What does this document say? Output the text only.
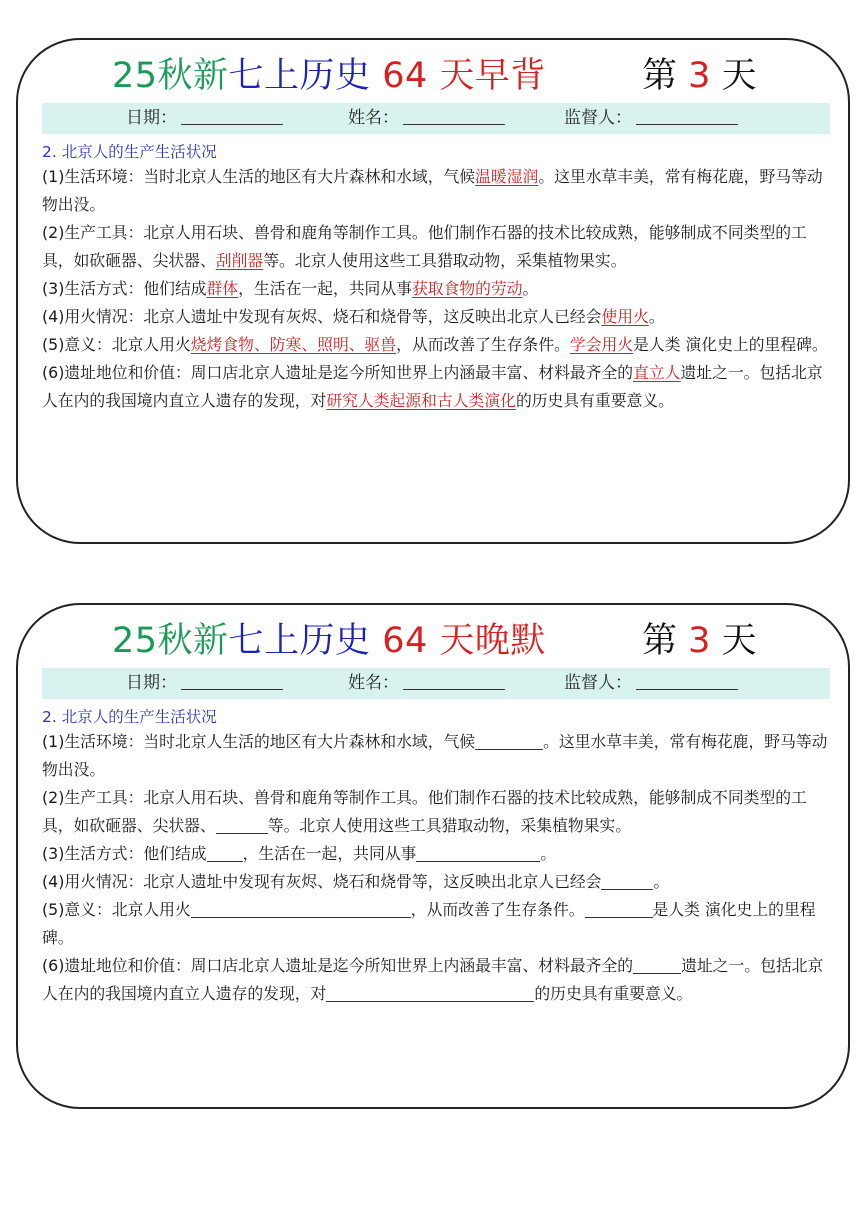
25秋新七上历史 64 天早背	第 3 天
日期：	姓名：	监督人：
2. 北京人的生产生活状况

(1)生活环境：当时北京人生活的地区有大片森林和水域，气候温暖湿润。这里水草丰美，常有梅花鹿，野马等动物出没。

(2)生产工具：北京人用石块、兽骨和鹿角等制作工具。他们制作石器的技术比较成熟，能够制成不同类型的工具，如砍砸器、尖状器、刮削器等。北京人使用这些工具猎取动物，采集植物果实。

(3)生活方式：他们结成群体，生活在一起，共同从事获取食物的劳动。

(4)用火情况：北京人遗址中发现有灰烬、烧石和烧骨等，这反映出北京人已经会使用火。

(5)意义：北京人用火烧烤食物、防寒、照明、驱兽，从而改善了生存条件。学会用火是人类 演化史上的里程碑。

(6)遗址地位和价值：周口店北京人遗址是迄今所知世界上内涵最丰富、材料最齐全的直立人遗址之一。包括北京人在内的我国境内直立人遗存的发现，对研究人类起源和古人类演化的历史具有重要意义。

25秋新七上历史 64 天晚默	第 3 天
日期：	姓名：	监督人：
2. 北京人的生产生活状况

(1)生活环境：当时北京人生活的地区有大片森林和水域，气候	。这里水草丰美，常有梅花鹿，野马等动物出没。

(2)生产工具：北京人用石块、兽骨和鹿角等制作工具。他们制作石器的技术比较成熟，能够制成不同类型的工具，如砍砸器、尖状器、	等。北京人使用这些工具猎取动物，采集植物果实。

(3)生活方式：他们结成 ，生活在一起，共同从事	。

(4)用火情况：北京人遗址中发现有灰烬、烧石和烧骨等，这反映出北京人已经会	。

(5)意义：北京人用火	，从而改善了生存条件。	是人类 演化史上的里程碑。

(6)遗址地位和价值：周口店北京人遗址是迄今所知世界上内涵最丰富、材料最齐全的	遗址之一。包括北京人在内的我国境内直立人遗存的发现，对	的历史具有重要意义。
